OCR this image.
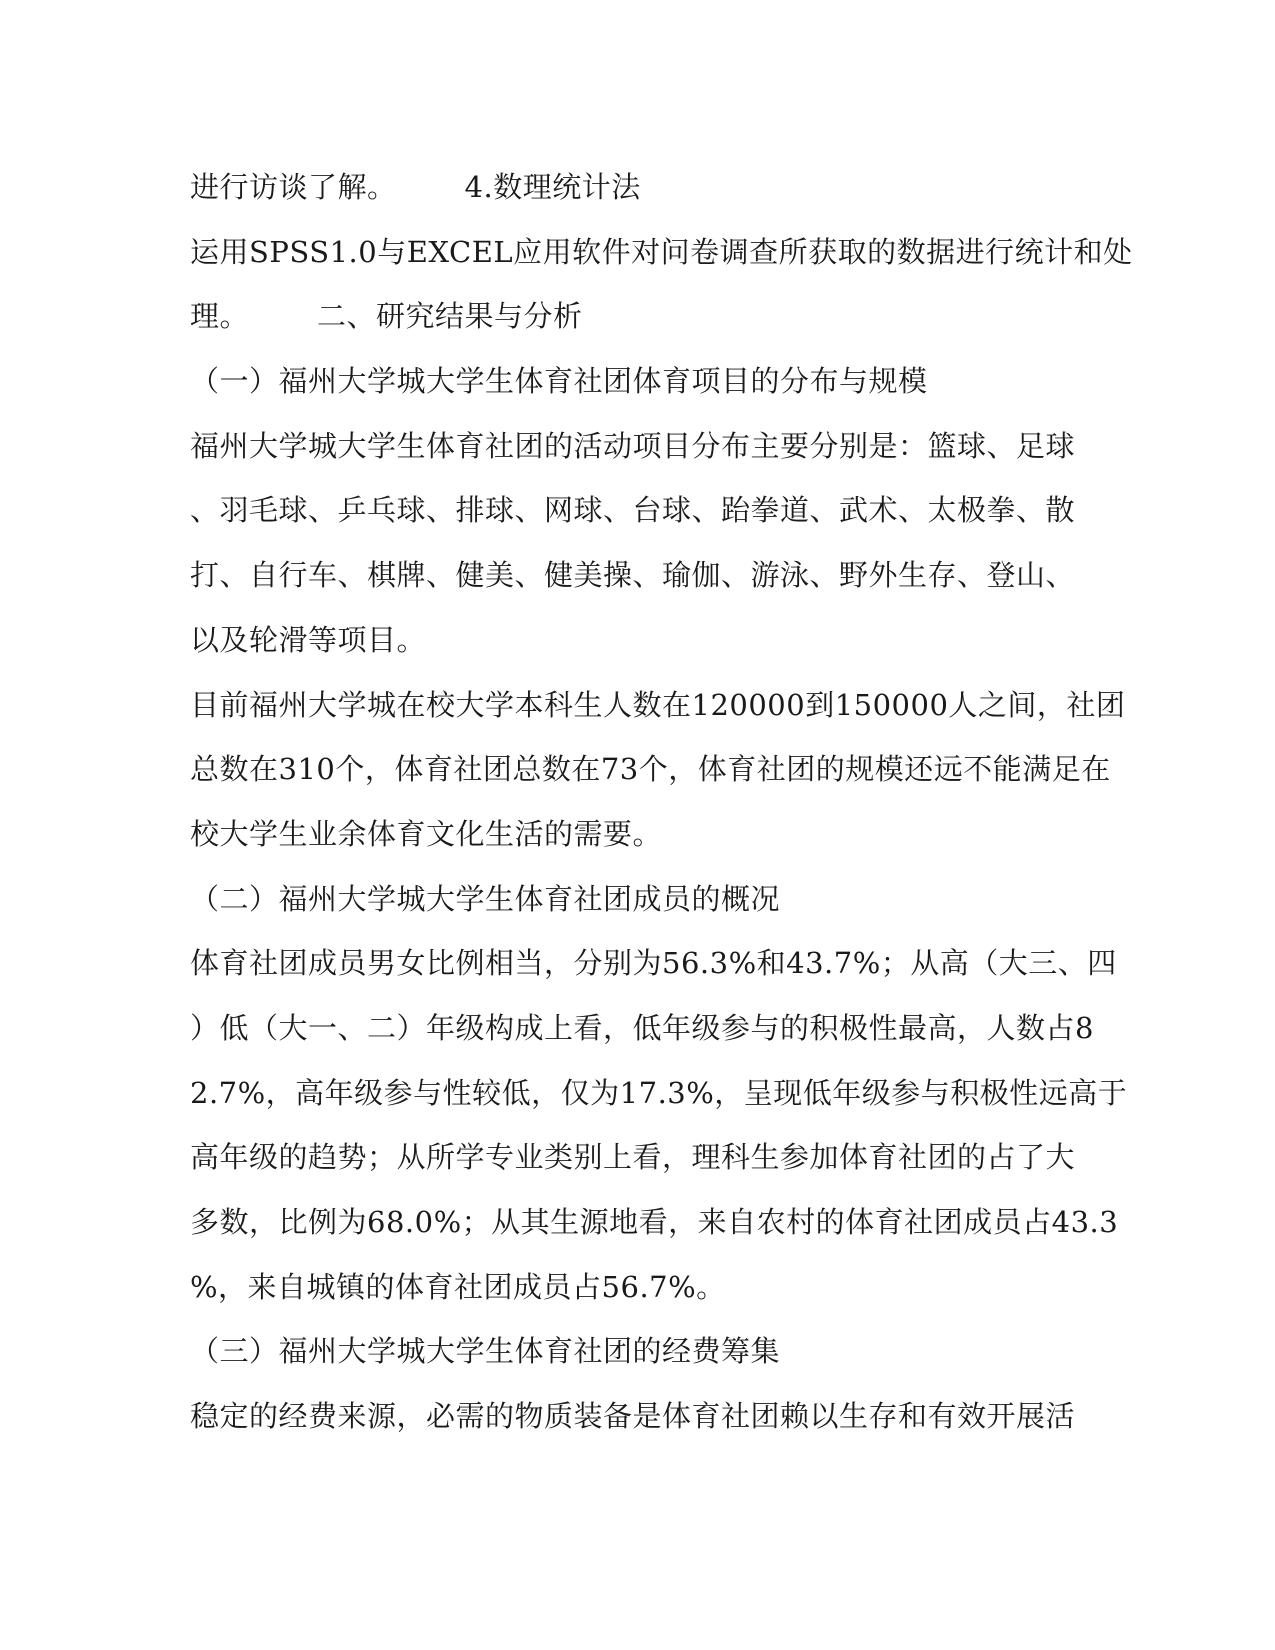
进行访谈了解。       4.数理统计法
运用SPSS1.0与EXCEL应用软件对问卷调查所获取的数据进行统计和处
理。       二、研究结果与分析
（一）福州大学城大学生体育社团体育项目的分布与规模
福州大学城大学生体育社团的活动项目分布主要分别是：篮球、足球
、羽毛球、乒乓球、排球、网球、台球、跆拳道、武术、太极拳、散
打、自行车、棋牌、健美、健美操、瑜伽、游泳、野外生存、登山、
以及轮滑等项目。
目前福州大学城在校大学本科生人数在120000到150000人之间，社团
总数在310个，体育社团总数在73个，体育社团的规模还远不能满足在
校大学生业余体育文化生活的需要。
（二）福州大学城大学生体育社团成员的概况
体育社团成员男女比例相当，分别为56.3%和43.7%；从高（大三、四
）低（大一、二）年级构成上看，低年级参与的积极性最高，人数占8
2.7%，高年级参与性较低，仅为17.3%，呈现低年级参与积极性远高于
高年级的趋势；从所学专业类别上看，理科生参加体育社团的占了大
多数，比例为68.0%；从其生源地看，来自农村的体育社团成员占43.3
%，来自城镇的体育社团成员占56.7%。
（三）福州大学城大学生体育社团的经费筹集
稳定的经费来源，必需的物质装备是体育社团赖以生存和有效开展活
